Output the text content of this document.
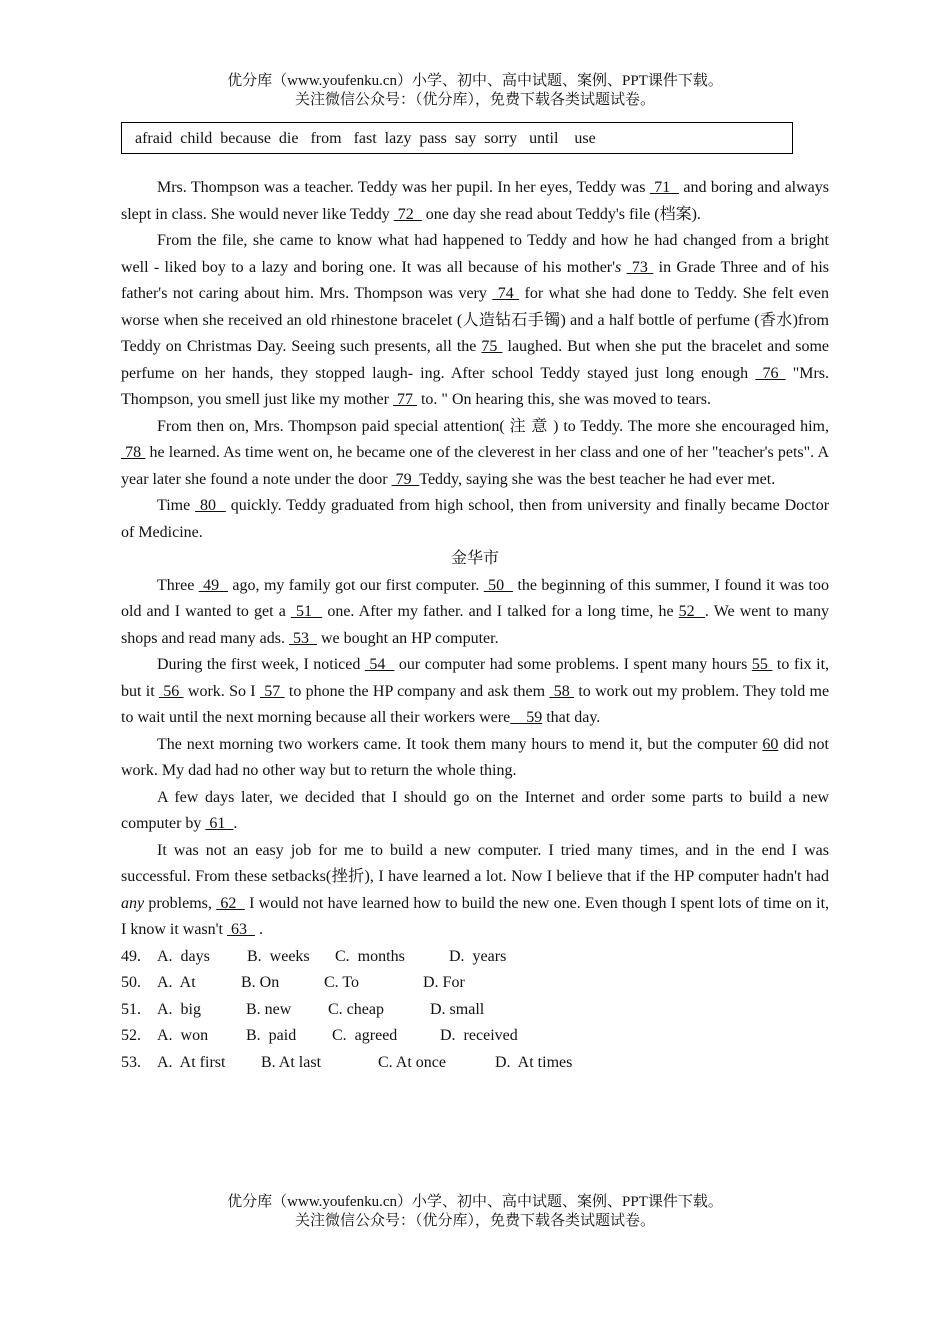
优分库（www.youfenku.cn）小学、初中、高中试题、案例、PPT课件下载。
关注微信公众号：（优分库），免费下载各类试题试卷。
afraid  child  because  die   from   fast  lazy  pass  say  sorry   until    use

Mrs. Thompson was a teacher. Teddy was her pupil. In her eyes, Teddy was  71   and boring and always slept in class. She would never like Teddy  72   one day she read about Teddy's file (档案).

From the file, she came to know what had happened to Teddy and how he had changed from a bright well - liked boy to a lazy and boring one. It was all because of his mother's  73  in Grade Three and of his father's not caring about him. Mrs. Thompson was very  74  for what she had done to Teddy. She felt even worse when she received an old rhinestone bracelet (人造钻石手镯) and a half bottle of perfume (香水)from Teddy on Christmas Day. Seeing such presents, all the 75  laughed. But when she put the bracelet and some perfume on her hands, they stopped laugh- ing. After school Teddy stayed just long enough  76  "Mrs. Thompson, you smell just like my mother  77  to. " On hearing this, she was moved to tears.

From then on, Mrs. Thompson paid special attention( 注 意 ) to Teddy. The more she encouraged him,  78  he learned. As time went on, he became one of the cleverest in her class and one of her "teacher's pets". A year later she found a note under the door  79  Teddy, saying she was the best teacher he had ever met.

Time  80   quickly. Teddy graduated from high school, then from university and finally became Doctor of Medicine.

金华市

Three  49   ago, my family got our first computer.  50   the beginning of this summer, I found it was too old and I wanted to get a  51   one. After my father. and I talked for a long time, he 52  . We went to many shops and read many ads.  53   we bought an HP computer.

During the first week, I noticed  54   our computer had some problems. I spent many hours 55  to fix it, but it  56  work. So I  57  to phone the HP company and ask them  58  to work out my problem. They told me to wait until the next morning because all their workers were    59 that day.

The next morning two workers came. It took them many hours to mend it, but the computer 60 did not work. My dad had no other way but to return the whole thing.

A few days later, we decided that I should go on the Internet and order some parts to build a new computer by  61  .

It was not an easy job for me to build a new computer. I tried many times, and in the end I was successful. From these setbacks(挫折), I have learned a lot. Now I believe that if the HP computer hadn't had any problems,  62   I would not have learned how to build the new one. Even though I spent lots of time on it, I know it wasn't  63   .

49.	A.  days	B.  weeks	C.  months	D.  years
50.	A.  At	B. On	C. To	D. For
51.	A.  big	B. new	C. cheap	D. small
52.	A.  won	B.  paid	C.  agreed	D.  received
53.	A.  At first	B. At last	C. At once	D.  At times
优分库（www.youfenku.cn）小学、初中、高中试题、案例、PPT课件下载。
关注微信公众号：（优分库），免费下载各类试题试卷。
